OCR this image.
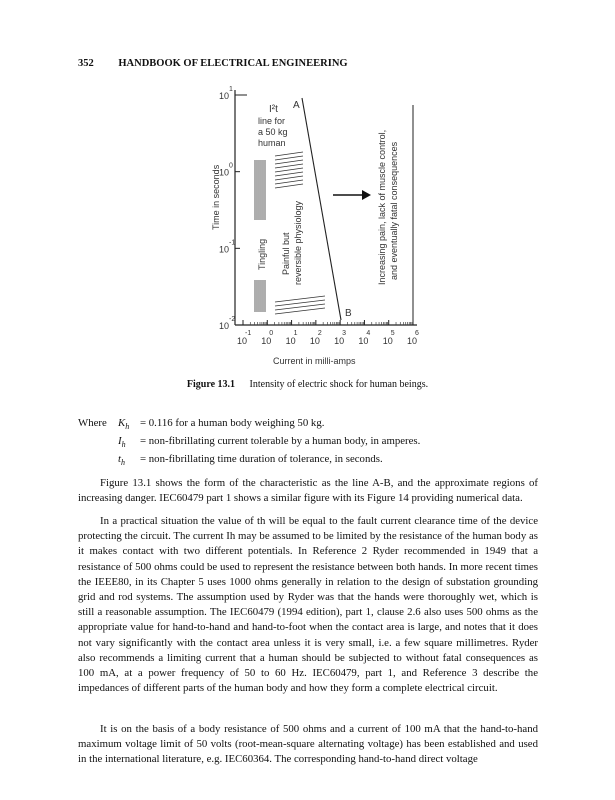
352 HANDBOOK OF ELECTRICAL ENGINEERING
10
1
10
0
10
-1
10
-2
10
-1
10
0
10
1
10
2
10
3
10
4
10
5
10
6
A
B
I²t
line for
a 50 kg
human
Time in seconds
Current in milli-amps
Tingling Painful but reversible physiology	Increasing pain, lack of muscle control, and eventually fatal consequences
Figure 13.1 Intensity of electric shock for human beings.
Where	$K_h = 0.116$ for a human body weighing 50 kg.
$I_h$	= non-fibrillating current tolerable by a human body, in amperes.
$t_h$	= non-fibrillating time duration of tolerance, in seconds.

Figure 13.1 shows the form of the characteristic as the line A-B, and the approximate regions of increasing danger. IEC60479 part 1 shows a similar figure with its Figure 14 providing numerical data.

In a practical situation the value of th will be equal to the fault current clearance time of the device protecting the circuit. The current Ih may be assumed to be limited by the resistance of the human body as it makes contact with two different potentials. In Reference 2 Ryder recommended in 1949 that a resistance of 500 ohms could be used to represent the resistance between both hands. In more recent times the IEEE80, in its Chapter 5 uses 1000 ohms generally in relation to the design of substation grounding grid and rod systems. The assumption used by Ryder was that the hands were thoroughly wet, which is still a reasonable assumption. The IEC60479 (1994 edition), part 1, clause 2.6 also uses 500 ohms as the appropriate value for hand-to-hand and hand-to-foot when the contact area is large, and notes that it does not vary significantly with the contact area unless it is very small, i.e. a few square millimetres. Ryder also recommends a limiting current that a human should be subjected to without fatal consequences as 100 mA, at a power frequency of 50 to 60 Hz. IEC60479, part 1, and Reference 3 describe the impedances of different parts of the human body and how they form a complete electrical circuit.

It is on the basis of a body resistance of 500 ohms and a current of 100 mA that the hand-to-hand maximum voltage limit of 50 volts (root-mean-square alternating voltage) has been established and used in the international literature, e.g. IEC60364. The corresponding hand-to-hand direct voltage
